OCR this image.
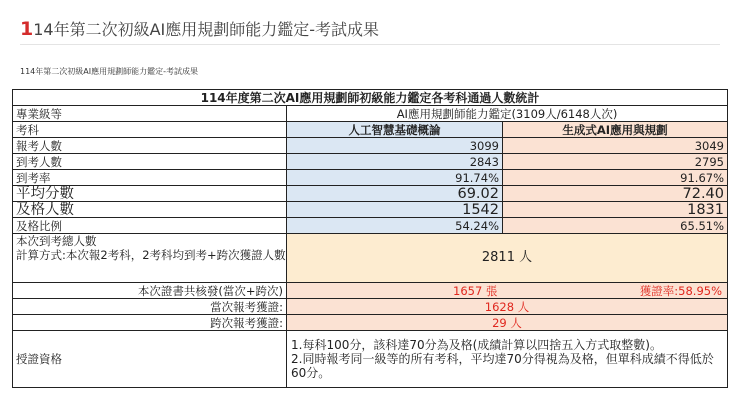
114年第二次初級AI應用規劃師能力鑑定-考試成果
114年第二次初級AI應用規劃師能力鑑定-考試成果
114年度第二次AI應用規劃師初級能力鑑定各考科通過人數統計		
專業級等	AI應用規劃師能力鑑定(3109人/6148人次)	
考科	人工智慧基礎概論	生成式AI應用與規劃
報考人數	3099	3049
到考人數	2843	2795
到考率	91.74%	91.67%
平均分數	69.02	72.40
及格人數	1542	1831
及格比例	54.24%	65.51%

本次到考總人數
計算方式:本次報2考科，2考科均到考+跨次獲證人數	2811 人	
本次證書共核發(當次+跨次)	1657 張 獲證率:58.95%	

當次報考獲證:	1628 人	
跨次報考獲證:	29 人	
授證資格	1.每科100分，該科達70分為及格(成績計算以四捨五入方式取整數)。
2.同時報考同一級等的所有考科，平均達70分得視為及格，但單科成績不得低於60分。	
